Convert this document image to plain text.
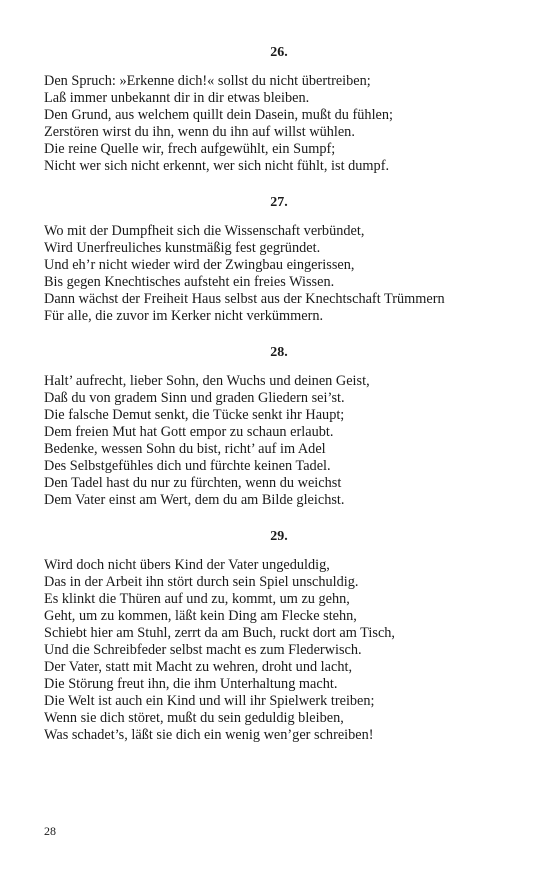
26.
Den Spruch: »Erkenne dich!« sollst du nicht übertreiben;
Laß immer unbekannt dir in dir etwas bleiben.
Den Grund, aus welchem quillt dein Dasein, mußt du fühlen;
Zerstören wirst du ihn, wenn du ihn auf willst wühlen.
Die reine Quelle wir, frech aufgewühlt, ein Sumpf;
Nicht wer sich nicht erkennt, wer sich nicht fühlt, ist dumpf.
27.
Wo mit der Dumpfheit sich die Wissenschaft verbündet,
Wird Unerfreuliches kunstmäßig fest gegründet.
Und eh’r nicht wieder wird der Zwingbau eingerissen,
Bis gegen Knechtisches aufsteht ein freies Wissen.
Dann wächst der Freiheit Haus selbst aus der Knechtschaft Trümmern
Für alle, die zuvor im Kerker nicht verkümmern.
28.
Halt’ aufrecht, lieber Sohn, den Wuchs und deinen Geist,
Daß du von gradem Sinn und graden Gliedern sei’st.
Die falsche Demut senkt, die Tücke senkt ihr Haupt;
Dem freien Mut hat Gott empor zu schaun erlaubt.
Bedenke, wessen Sohn du bist, richt’ auf im Adel
Des Selbstgefühles dich und fürchte keinen Tadel.
Den Tadel hast du nur zu fürchten, wenn du weichst
Dem Vater einst am Wert, dem du am Bilde gleichst.
29.
Wird doch nicht übers Kind der Vater ungeduldig,
Das in der Arbeit ihn stört durch sein Spiel unschuldig.
Es klinkt die Thüren auf und zu, kommt, um zu gehn,
Geht, um zu kommen, läßt kein Ding am Flecke stehn,
Schiebt hier am Stuhl, zerrt da am Buch, ruckt dort am Tisch,
Und die Schreibfeder selbst macht es zum Flederwisch.
Der Vater, statt mit Macht zu wehren, droht und lacht,
Die Störung freut ihn, die ihm Unterhaltung macht.
Die Welt ist auch ein Kind und will ihr Spielwerk treiben;
Wenn sie dich störet, mußt du sein geduldig bleiben,
Was schadet’s, läßt sie dich ein wenig wen’ger schreiben!
28
